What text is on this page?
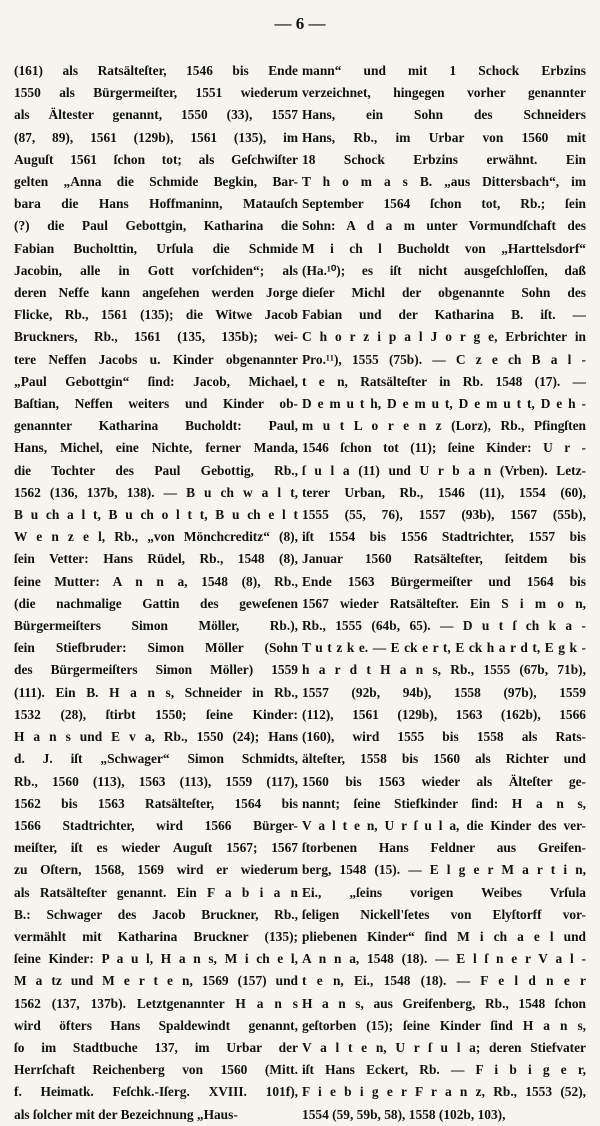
— 6 —
(161) als Ratsälteſter, 1546 bis Ende
1550 als Bürgermeiſter, 1551 wiederum
als Ältester genannt, 1550 (33), 1557
(87, 89), 1561 (129b), 1561 (135), im
Auguſt 1561 ſchon tot; als Geſchwiſter
gelten „Anna die Schmide Begkin, Bar-
bara die Hans Hoffmaninn, Matauſch
(?) die Paul Gebottgin, Katharina die
Fabian Bucholttin, Urſula die Schmide
Jacobin, alle in Gott vorſchiden“; als
deren Neffe kann angeſehen werden Jorge
Flicke, Rb., 1561 (135); die Witwe Jacob
Bruckners, Rb., 1561 (135, 135b); wei-
tere Neffen Jacobs u. Kinder obgenannter
„Paul Gebottgin“ ſind: Jacob, Michael,
Baſtian, Neffen weiters und Kinder ob-
genannter Katharina Bucholdt: Paul,
Hans, Michel, eine Nichte, ferner Manda,
die Tochter des Paul Gebottig, Rb.,
1562 (136, 137b, 138). — B u ch w a l t,
B u ch a l t, B u ch o l t t, B u ch e l t
W e n z e l, Rb., „von Mönchcreditz“ (8),
ſein Vetter: Hans Rüdel, Rb., 1548 (8),
ſeine Mutter: A n n a, 1548 (8), Rb.,
(die nachmalige Gattin des geweſenen
Bürgermeiſters Simon Möller, Rb.),
ſein Stiefbruder: Simon Möller (Sohn
des Bürgermeiſters Simon Möller) 1559
(111). Ein B. H a n s, Schneider in Rb.,
1532 (28), ſtirbt 1550; ſeine Kinder:
H a n s und E v a, Rb., 1550 (24); Hans
d. J. iſt „Schwager“ Simon Schmidts,
Rb., 1560 (113), 1563 (113), 1559 (117),
1562 bis 1563 Ratsälteſter, 1564 bis
1566 Stadtrichter, wird 1566 Bürger-
meiſter, iſt es wieder Auguſt 1567; 1567
zu Oſtern, 1568, 1569 wird er wiederum
als Ratsälteſter genannt. Ein F a b i a n
B.: Schwager des Jacob Bruckner, Rb.,
vermählt mit Katharina Bruckner (135);
ſeine Kinder: P a u l, H a n s, M i ch e l,
M a tz und M e r t e n, 1569 (157) und
1562 (137, 137b). Letztgenannter H a n s
wird öfters Hans Spaldewindt genannt,
ſo im Stadtbuche 137, im Urbar der
Herrſchaft Reichenberg von 1560 (Mitt.
f. Heimatk. Feſchk.-Iſerg. XVIII. 101f),
als ſolcher mit der Bezeichnung „Haus-
mann“ und mit 1 Schock Erbzins
verzeichnet, hingegen vorher genannter
Hans, ein Sohn des Schneiders
Hans, Rb., im Urbar von 1560 mit
18 Schock Erbzins erwähnt. Ein
T h o m a s B. „aus Dittersbach“, im
September 1564 ſchon tot, Rb.; ſein
Sohn: A d a m unter Vormundſchaft des
M i ch l Bucholdt von „Harttelsdorf“
(Ha.¹⁰); es iſt nicht ausgeſchloſſen, daß
dieſer Michl der obgenannte Sohn des
Fabian und der Katharina B. iſt. —
C h o r z i p a l J o r g e, Erbrichter in
Pro.¹¹), 1555 (75b). — C z e ch B a l -
t e n, Ratsälteſter in Rb. 1548 (17). —
D e m u t h, D e m u t, D e m u t t, D e h -
m u t L o r e n z (Lorz), Rb., Pfingſten
1546 ſchon tot (11); ſeine Kinder: U r -
ſ u l a (11) und U r b a n (Vrben). Letz-
terer Urban, Rb., 1546 (11), 1554 (60),
1555 (55, 76), 1557 (93b), 1567 (55b),
iſt 1554 bis 1556 Stadtrichter, 1557 bis
Januar 1560 Ratsälteſter, ſeitdem bis
Ende 1563 Bürgermeiſter und 1564 bis
1567 wieder Ratsälteſter. Ein S i m o n,
Rb., 1555 (64b, 65). — D u t ſ ch k a -
T u t z k e. — E ck e r t, E ck h a r d t, E g k -
h a r d t H a n s, Rb., 1555 (67b, 71b),
1557 (92b, 94b), 1558 (97b), 1559
(112), 1561 (129b), 1563 (162b), 1566
(160), wird 1555 bis 1558 als Rats-
älteſter, 1558 bis 1560 als Richter und
1560 bis 1563 wieder als Älteſter ge-
nannt; ſeine Stiefkinder ſind: H a n s,
V a l t e n, U r ſ u l a, die Kinder des ver-
ſtorbenen Hans Feldner aus Greifen-
berg, 1548 (15). — E l g e r M a r t i n,
Ei., „ſeins vorigen Weibes Vrſula
ſeligen Nickell'ſetes von Elyſtorff vor-
pliebenen Kinder“ ſind M i ch a e l und
A n n a, 1548 (18). — E l ſ n e r V a l -
t e n, Ei., 1548 (18). — F e l d n e r
H a n s, aus Greifenberg, Rb., 1548 ſchon
geſtorben (15); ſeine Kinder ſind H a n s,
V a l t e n, U r ſ u l a; deren Stiefvater
iſt Hans Eckert, Rb. — F i b i g e r,
F i e b i g e r F r a n z, Rb., 1553 (52),
1554 (59, 59b, 58), 1558 (102b, 103),
